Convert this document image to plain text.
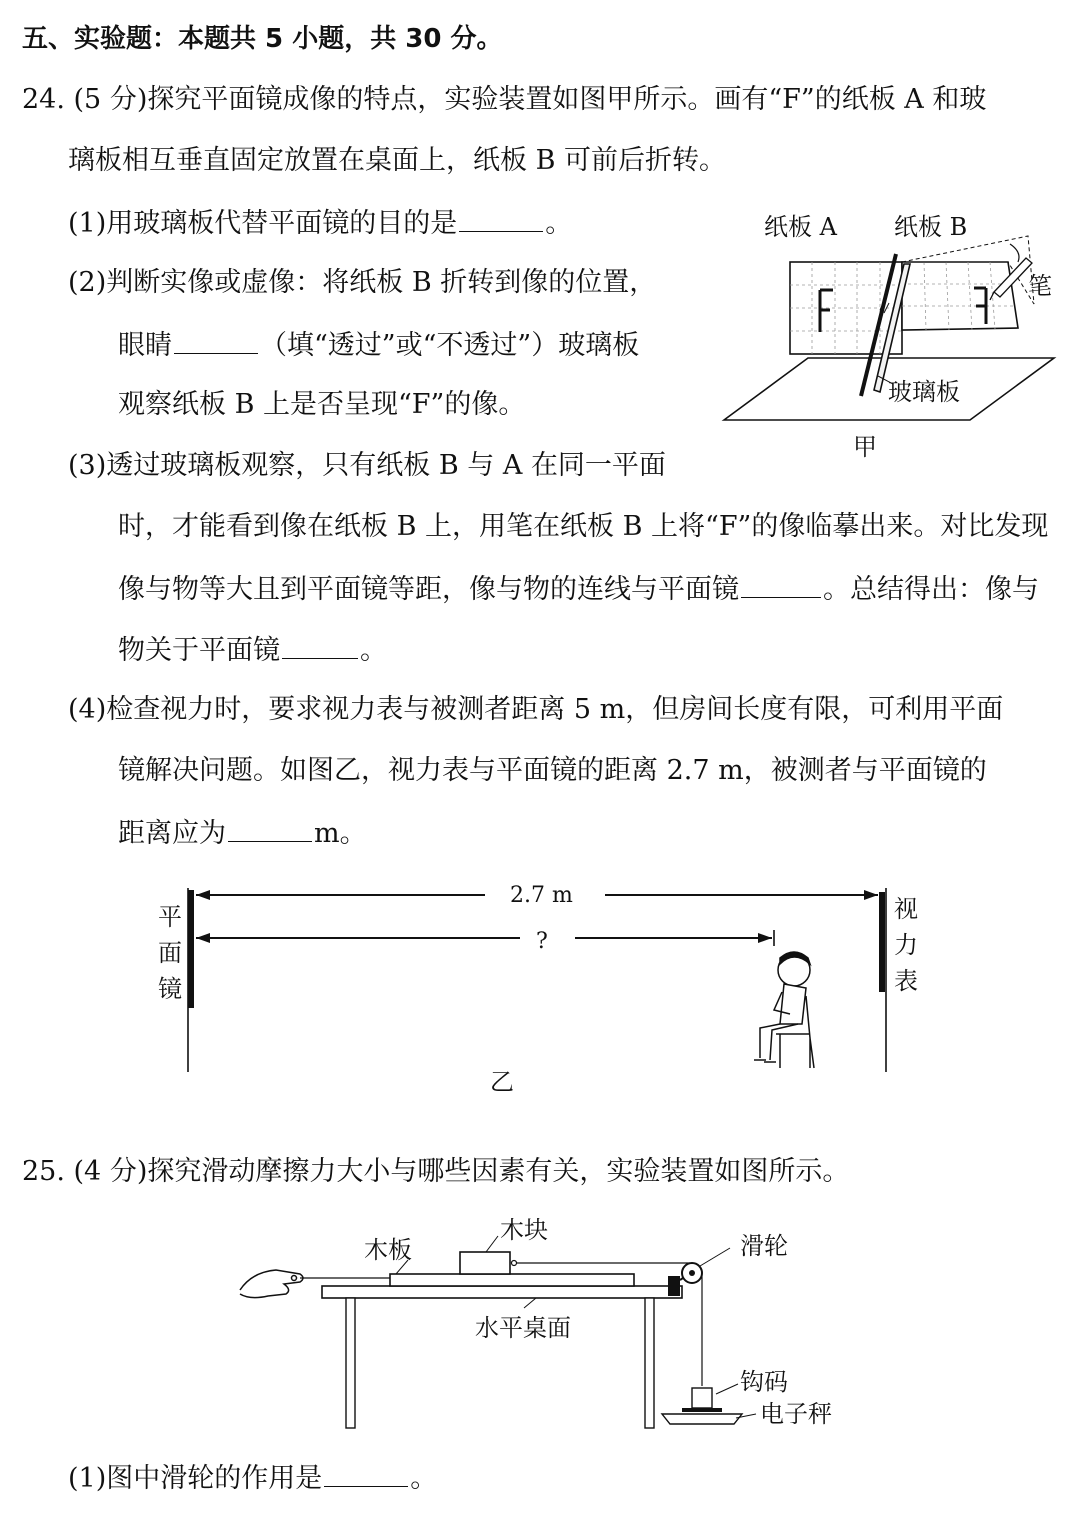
五、实验题：本题共 5 小题，共 30 分。
24. (5 分)探究平面镜成像的特点，实验装置如图甲所示。画有“F”的纸板 A 和玻
璃板相互垂直固定放置在桌面上，纸板 B 可前后折转。
(1)用玻璃板代替平面镜的目的是	。
(2)判断实像或虚像：将纸板 B 折转到像的位置，
眼睛	（填“透过”或“不透过”）玻璃板
观察纸板 B 上是否呈现“F”的像。
(3)透过玻璃板观察，只有纸板 B 与 A 在同一平面
时，才能看到像在纸板 B 上，用笔在纸板 B 上将“F”的像临摹出来。对比发现
像与物等大且到平面镜等距，像与物的连线与平面镜	。总结得出：像与
物关于平面镜	。
(4)检查视力时，要求视力表与被测者距离 5 m，但房间长度有限，可利用平面
镜解决问题。如图乙，视力表与平面镜的距离 2.7 m，被测者与平面镜的
距离应为	m。
纸板 A 纸板 B
笔
玻璃板
甲
2.7 m
?
平
面
镜
视
力
表
乙
25. (4 分)探究滑动摩擦力大小与哪些因素有关，实验装置如图所示。
木板
木块
滑轮
水平桌面
钩码
电子秤
(1)图中滑轮的作用是	。
